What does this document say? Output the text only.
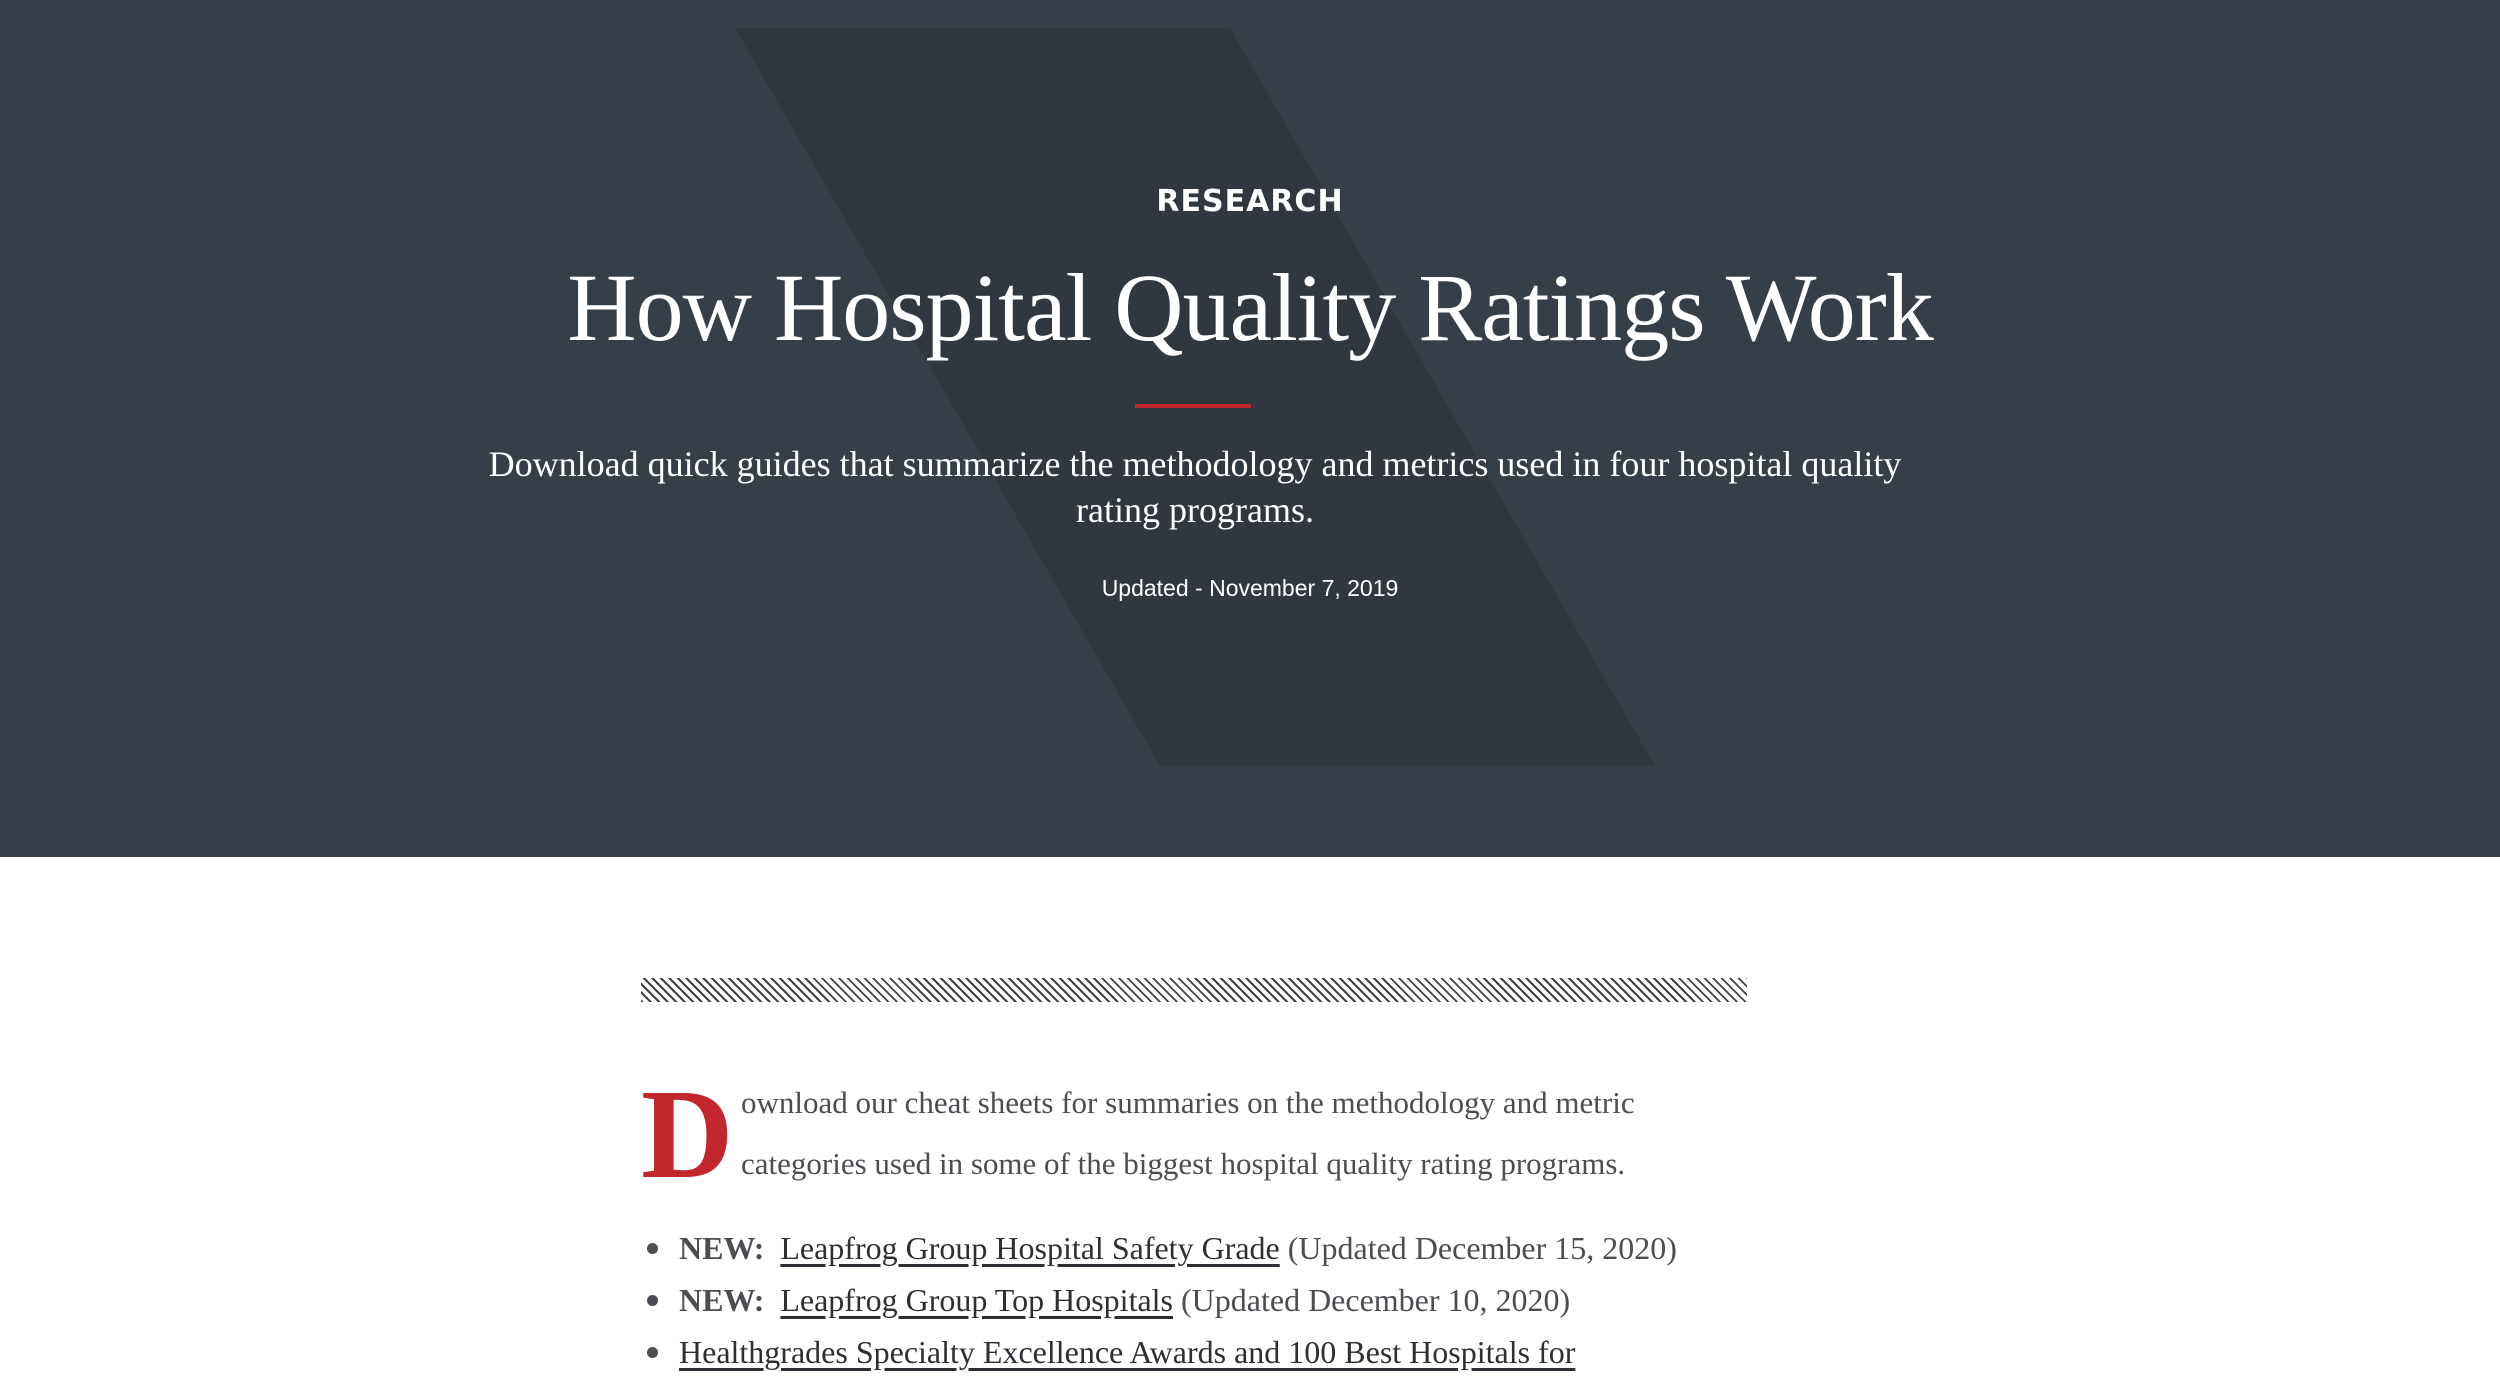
RESEARCH
How Hospital Quality Ratings Work

Download quick guides that summarize the methodology and metrics used in four hospital quality rating programs.

Updated - November 7, 2019
D ownload our cheat sheets for summaries on the methodology and metric categories used in some of the biggest hospital quality rating programs.

NEW: Leapfrog Group Hospital Safety Grade (Updated December 15, 2020)
NEW: Leapfrog Group Top Hospitals (Updated December 10, 2020)
Healthgrades Specialty Excellence Awards and 100 Best Hospitals for
